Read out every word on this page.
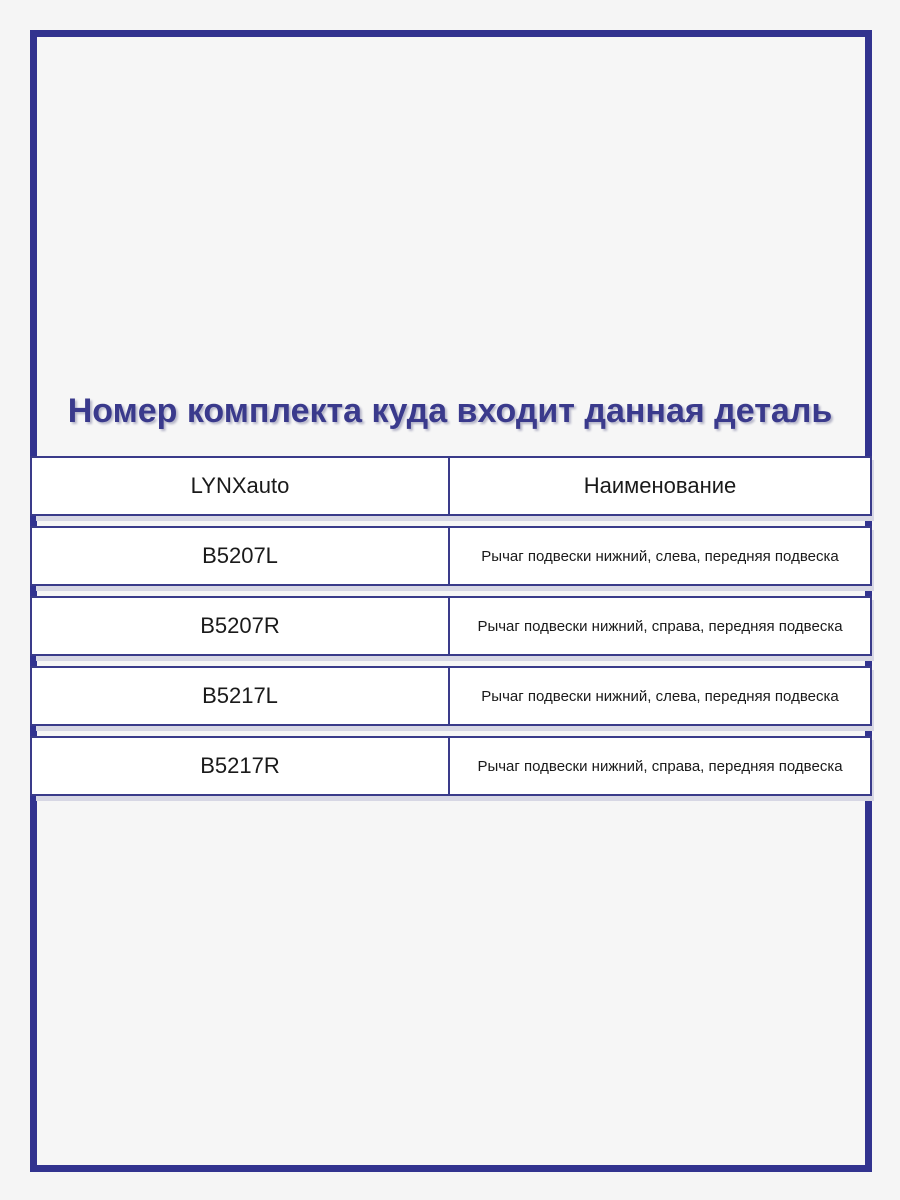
Номер комплекта куда входит данная деталь
LYNXauto	Наименование
B5207L	Рычаг подвески нижний, слева, передняя подвеска
B5207R	Рычаг подвески нижний, справа, передняя подвеска
B5217L	Рычаг подвески нижний, слева, передняя подвеска
B5217R	Рычаг подвески нижний, справа, передняя подвеска
